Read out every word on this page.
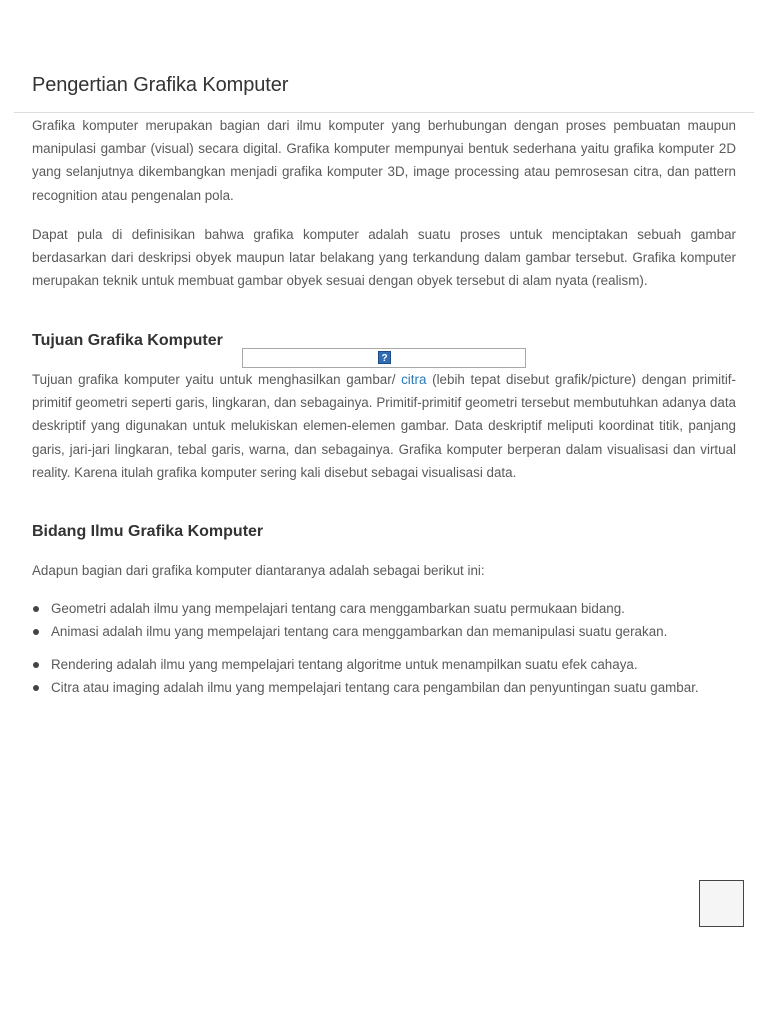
Pengertian Grafika Komputer

Grafika komputer merupakan bagian dari ilmu komputer yang berhubungan dengan proses pembuatan maupun manipulasi gambar (visual) secara digital. Grafika komputer mempunyai bentuk sederhana yaitu grafika komputer 2D yang selanjutnya dikembangkan menjadi grafika komputer 3D, image processing atau pemrosesan citra, dan pattern recognition atau pengenalan pola.

Dapat pula di definisikan bahwa grafika komputer adalah suatu proses untuk menciptakan sebuah gambar berdasarkan dari deskripsi obyek maupun latar belakang yang terkandung dalam gambar tersebut. Grafika komputer merupakan teknik untuk membuat gambar obyek sesuai dengan obyek tersebut di alam nyata (realism).

Tujuan Grafika Komputer
?

Tujuan grafika komputer yaitu untuk menghasilkan gambar/ citra (lebih tepat disebut grafik/picture) dengan primitif-primitif geometri seperti garis, lingkaran, dan sebagainya. Primitif-primitif geometri tersebut membutuhkan adanya data deskriptif yang digunakan untuk melukiskan elemen-elemen gambar. Data deskriptif meliputi koordinat titik, panjang garis, jari-jari lingkaran, tebal garis, warna, dan sebagainya. Grafika komputer berperan dalam visualisasi dan virtual reality. Karena itulah grafika komputer sering kali disebut sebagai visualisasi data.

Bidang Ilmu Grafika Komputer

Adapun bagian dari grafika komputer diantaranya adalah sebagai berikut ini:

Geometri adalah ilmu yang mempelajari tentang cara menggambarkan suatu permukaan bidang.
Animasi adalah ilmu yang mempelajari tentang cara menggambarkan dan memanipulasi suatu gerakan.
Rendering adalah ilmu yang mempelajari tentang algoritme untuk menampilkan suatu efek cahaya.
Citra atau imaging adalah ilmu yang mempelajari tentang cara pengambilan dan penyuntingan suatu gambar.
